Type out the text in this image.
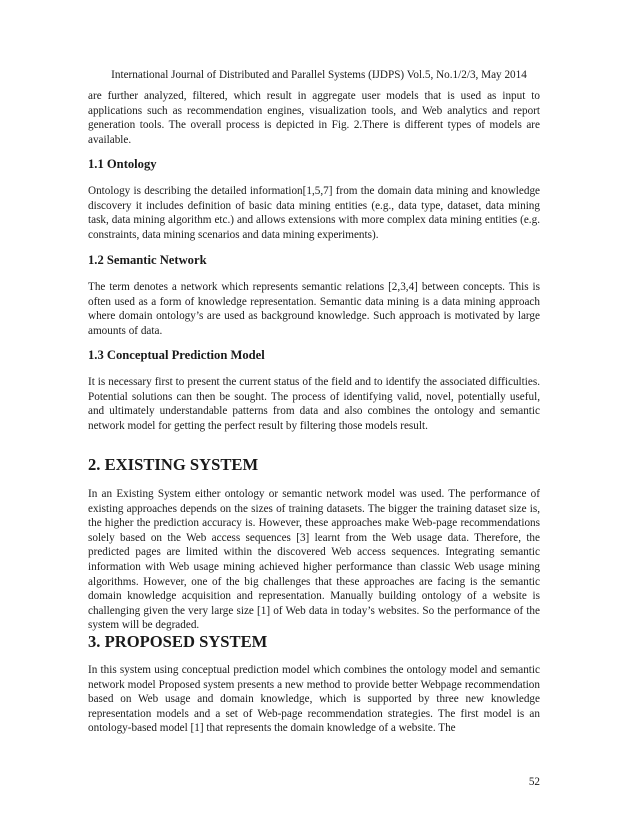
International Journal of Distributed and Parallel Systems (IJDPS) Vol.5, No.1/2/3, May 2014
are further analyzed, filtered, which result in aggregate user models that is used as input to applications such as recommendation engines, visualization tools, and Web analytics and report generation tools. The overall process is depicted in Fig. 2.There is different types of models are available.
1.1 Ontology
Ontology is describing the detailed information[1,5,7] from the domain data mining and knowledge discovery it includes definition of basic data mining entities (e.g., data type, dataset, data mining task, data mining algorithm etc.) and allows extensions with more complex data mining entities (e.g. constraints, data mining scenarios and data mining experiments).
1.2 Semantic Network
The term denotes a network which represents semantic relations [2,3,4] between concepts. This is often used as a form of knowledge representation. Semantic data mining is a data mining approach where domain ontology’s are used as background knowledge. Such approach is motivated by large amounts of data.
1.3 Conceptual Prediction Model
It is necessary first to present the current status of the field and to identify the associated difficulties. Potential solutions can then be sought. The process of identifying valid, novel, potentially useful, and ultimately understandable patterns from data and also combines the ontology and semantic network model for getting the perfect result by filtering those models result.
2. EXISTING SYSTEM
In an Existing System either ontology or semantic network model was used. The performance of existing approaches depends on the sizes of training datasets. The bigger the training dataset size is, the higher the prediction accuracy is. However, these approaches make Web-page recommendations solely based on the Web access sequences [3] learnt from the Web usage data. Therefore, the predicted pages are limited within the discovered Web access sequences. Integrating semantic information with Web usage mining achieved higher performance than classic Web usage mining algorithms. However, one of the big challenges that these approaches are facing is the semantic domain knowledge acquisition and representation. Manually building ontology of a website is challenging given the very large size [1] of Web data in today’s websites. So the performance of the system will be degraded.
3. PROPOSED SYSTEM
In this system using conceptual prediction model which combines the ontology model and semantic network model Proposed system presents a new method to provide better Webpage recommendation based on Web usage and domain knowledge, which is supported by three new knowledge representation models and a set of Web-page recommendation strategies. The first model is an ontology-based model [1] that represents the domain knowledge of a website. The
52
